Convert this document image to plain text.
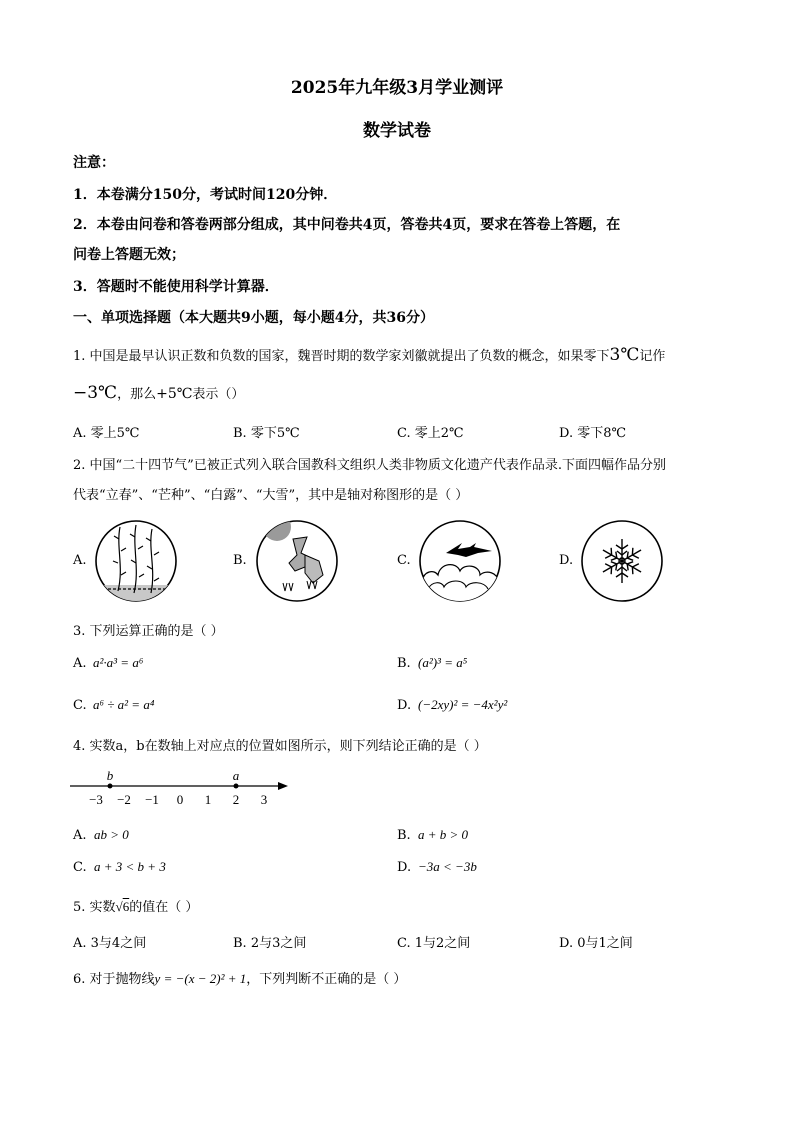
2025年九年级3月学业测评
数学试卷
注意：
1．本卷满分150分，考试时间120分钟．
2．本卷由问卷和答卷两部分组成，其中问卷共4页，答卷共4页，要求在答卷上答题，在
问卷上答题无效；
3．答题时不能使用科学计算器．
一、单项选择题（本大题共9小题，每小题4分，共36分）
1. 中国是最早认识正数和负数的国家，魏晋时期的数学家刘徽就提出了负数的概念，如果零下3℃记作
−3℃，那么+5℃表示（）
A. 零上5℃	B. 零下5℃	C. 零上2℃	D. 零下8℃
2. 中国“二十四节气”已被正式列入联合国教科文组织人类非物质文化遗产代表作品录.下面四幅作品分别
代表“立春”、“芒种”、“白露”、“大雪”，其中是轴对称图形的是（ ）
A.	B.	C.	D.
3. 下列运算正确的是（ ）
A. a²·a³ = a⁶	B. (a²)³ = a⁵
C. a⁶ ÷ a² = a⁴	D. (−2xy)² = −4x²y²
4. 实数a，b在数轴上对应点的位置如图所示，则下列结论正确的是（ ）
−3 −2 −1 0 1 2 3
b	a
A. ab > 0	B. a + b > 0
C. a + 3 < b + 3	D. −3a < −3b
5. 实数√6的值在（ ）
A. 3与4之间	B. 2与3之间	C. 1与2之间	D. 0与1之间
6. 对于抛物线y = −(x − 2)² + 1，下列判断不正确的是（ ）
